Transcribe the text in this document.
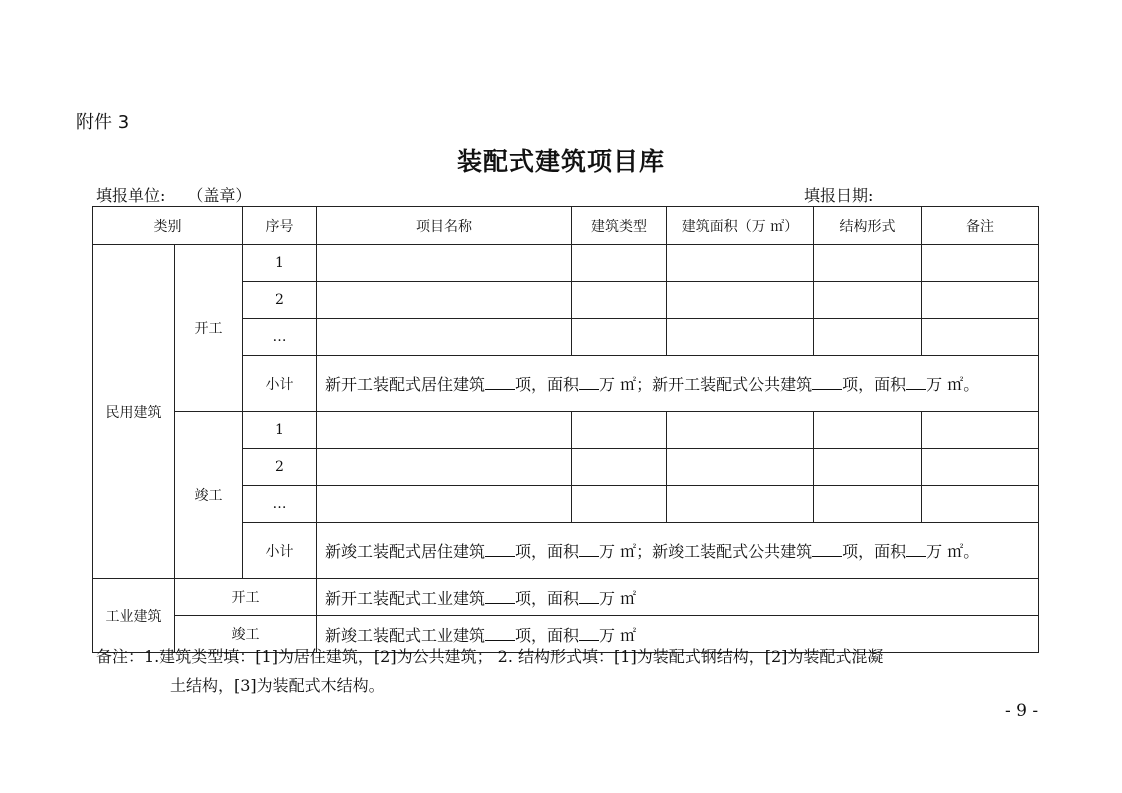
附件 3
装配式建筑项目库
填报单位: （盖章）	填报日期:
类别		序号	项目名称	建筑类型	建筑面积（万 ㎡）	结构形式	备注
民用建筑	开工	1					
		2					
		…					
		小计	新开工装配式居住建筑 项，面积 万 ㎡；新开工装配式公共建筑 项，面积 万 ㎡。				
	竣工	1					
		2					
		…					
		小计	新竣工装配式居住建筑 项，面积 万 ㎡；新竣工装配式公共建筑 项，面积 万 ㎡。				
工业建筑	开工		新开工装配式工业建筑 项，面积 万 ㎡				
	竣工		新竣工装配式工业建筑 项，面积 万 ㎡				
备注：1.建筑类型填：[1]为居住建筑，[2]为公共建筑； 2. 结构形式填：[1]为装配式钢结构，[2]为装配式混凝
土结构，[3]为装配式木结构。
- 9 -
